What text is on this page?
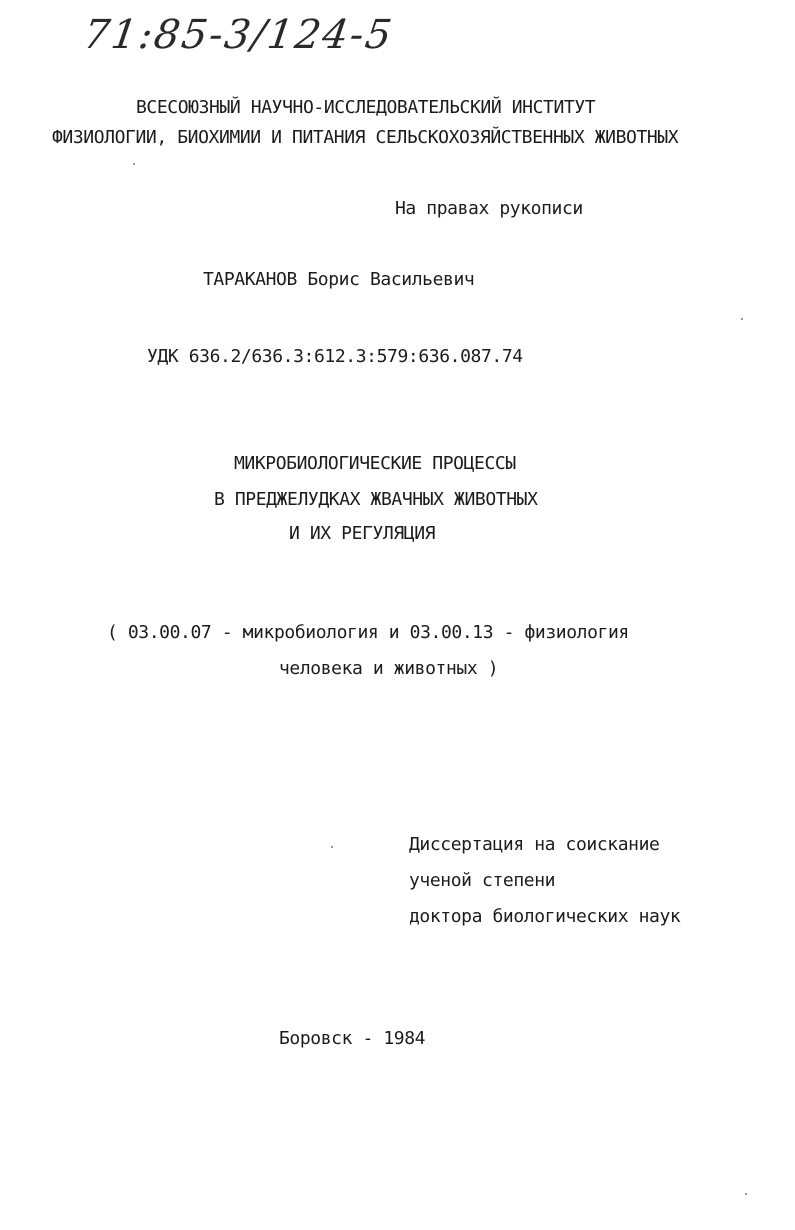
71:85-3/124-5
ВСЕСОЮЗНЫЙ НАУЧНО-ИССЛЕДОВАТЕЛЬСКИЙ ИНСТИТУТ
ФИЗИОЛОГИИ, БИОХИМИИ И ПИТАНИЯ СЕЛЬСКОХОЗЯЙСТВЕННЫХ ЖИВОТНЫХ
На правах рукописи
ТАРАКАНОВ Борис Васильевич
УДК 636.2/636.3:612.3:579:636.087.74
МИКРОБИОЛОГИЧЕСКИЕ ПРОЦЕССЫ
В ПРЕДЖЕЛУДКАХ ЖВАЧНЫХ ЖИВОТНЫХ
И ИХ РЕГУЛЯЦИЯ
( 03.00.07 - микробиология и 03.00.13 - физиология
человека и животных )
Диссертация на соискание
ученой степени
доктора биологических наук
Боровск - 1984
